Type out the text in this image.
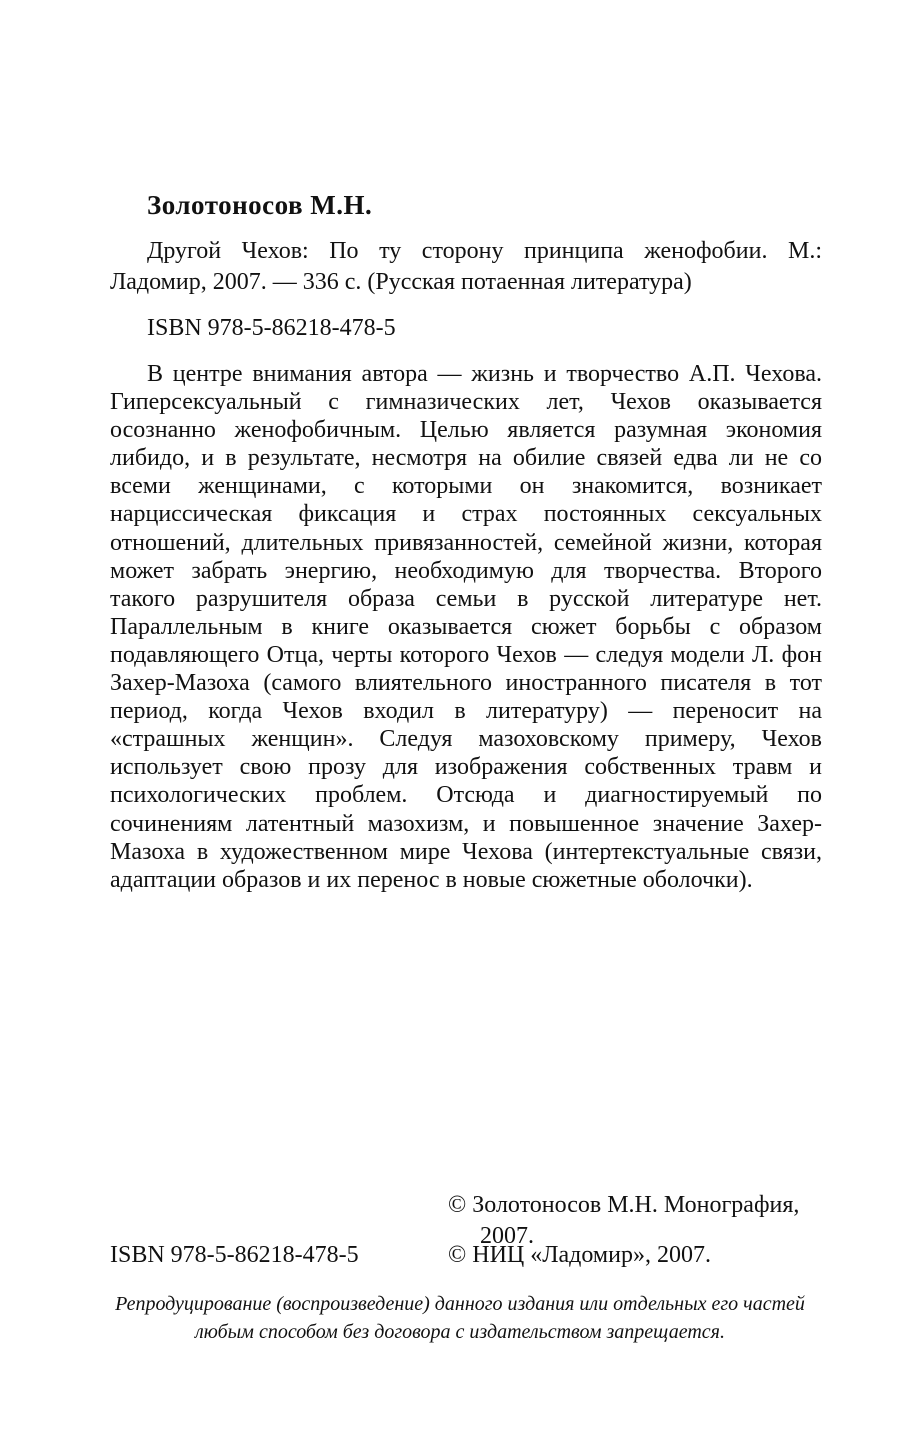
Золотоносов М.Н.
Другой Чехов: По ту сторону принципа женофобии. М.: Ладомир, 2007. — 336 с. (Русская потаенная литература)
ISBN 978-5-86218-478-5
В центре внимания автора — жизнь и творчество А.П. Чехова. Гиперсексуальный с гимназических лет, Чехов оказывается осознанно женофобичным. Целью является разумная экономия либидо, и в результате, несмотря на обилие связей едва ли не со всеми женщинами, с которыми он знакомится, возникает нарциссическая фиксация и страх постоянных сексуальных отношений, длительных привязанностей, семейной жизни, которая может забрать энергию, необходимую для творчества. Второго такого разрушителя образа семьи в русской литературе нет. Параллельным в книге оказывается сюжет борьбы с образом подавляющего Отца, черты которого Чехов — следуя модели Л. фон Захер-Мазоха (самого влиятельного иностранного писателя в тот период, когда Чехов входил в литературу) — переносит на «страшных женщин». Следуя мазоховскому примеру, Чехов использует свою прозу для изображения собственных травм и психологических проблем. Отсюда и диагностируемый по сочинениям латентный мазохизм, и повышенное значение Захер-Мазоха в художественном мире Чехова (интертекстуальные связи, адаптации образов и их перенос в новые сюжетные оболочки).
© Золотоносов М.Н. Монография,
2007.
ISBN 978-5-86218-478-5	© НИЦ «Ладомир», 2007.
Репродуцирование (воспроизведение) данного издания или отдельных его частей любым способом без договора с издательством запрещается.
